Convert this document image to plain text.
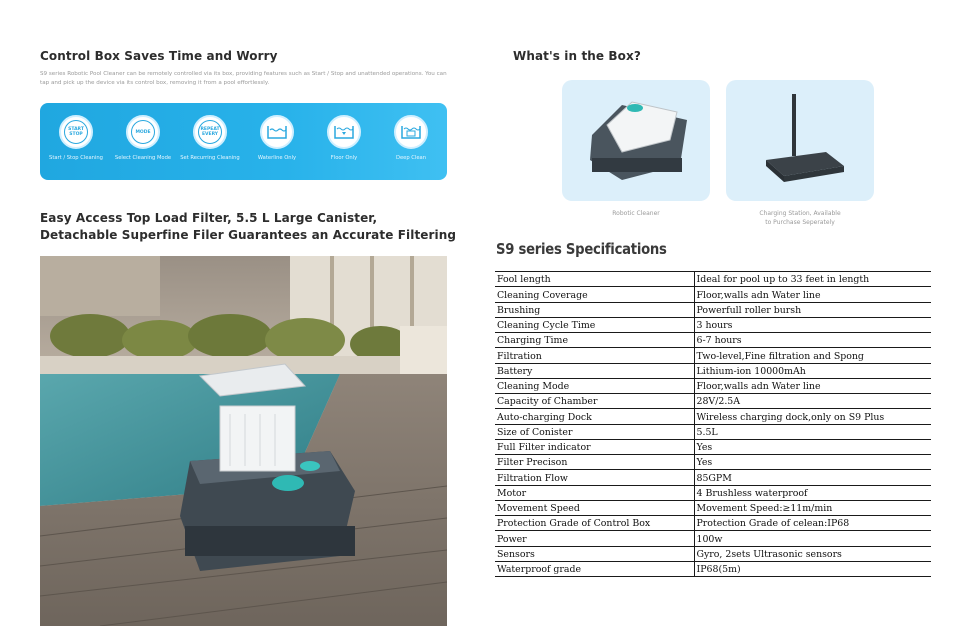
Control Box Saves Time and Worry
S9 series Robotic Pool Cleaner can be remotely controlled via its box, providing features such as Start / Stop and unattended operations. You can tap and pick up the device via its control box, removing it from a pool effortlessly.
START STOP
Start / Stop Cleaning
MODE
Select Cleaning Mode
REPEAT EVERY
Set Recurring Cleaning	Waterline Only	Floor Only	Deep Clean
Easy Access Top Load Filter, 5.5 L Large Canister,
Detachable Superfine Filer Guarantees an Accurate Filtering
What's in the Box?
Robotic Cleaner	Charging Station, Available
to Purchase Seperately
S9 series Specifications
Fool length	Ideal for pool up to 33 feet in length
Cleaning Coverage	Floor,walls adn Water line
Brushing	Powerfull roller bursh
Cleaning Cycle Time	3 hours
Charging Time	6-7 hours
Filtration	Two-level,Fine filtration and Spong
Battery	Lithium-ion 10000mAh
Cleaning Mode	Floor,walls adn Water line
Capacity of Chamber	28V/2.5A
Auto-charging Dock	Wireless charging dock,only on S9 Plus
Size of Conister	5.5L
Full Filter indicator	Yes
Filter Precison	Yes
Filtration Flow	85GPM
Motor	4 Brushless waterproof
Movement Speed	Movement Speed:≥11m/min
Protection Grade of Control Box	Protection Grade of celean:IP68
Power	100w
Sensors	Gyro, 2sets Ultrasonic sensors
Waterproof grade	IP68(5m)
